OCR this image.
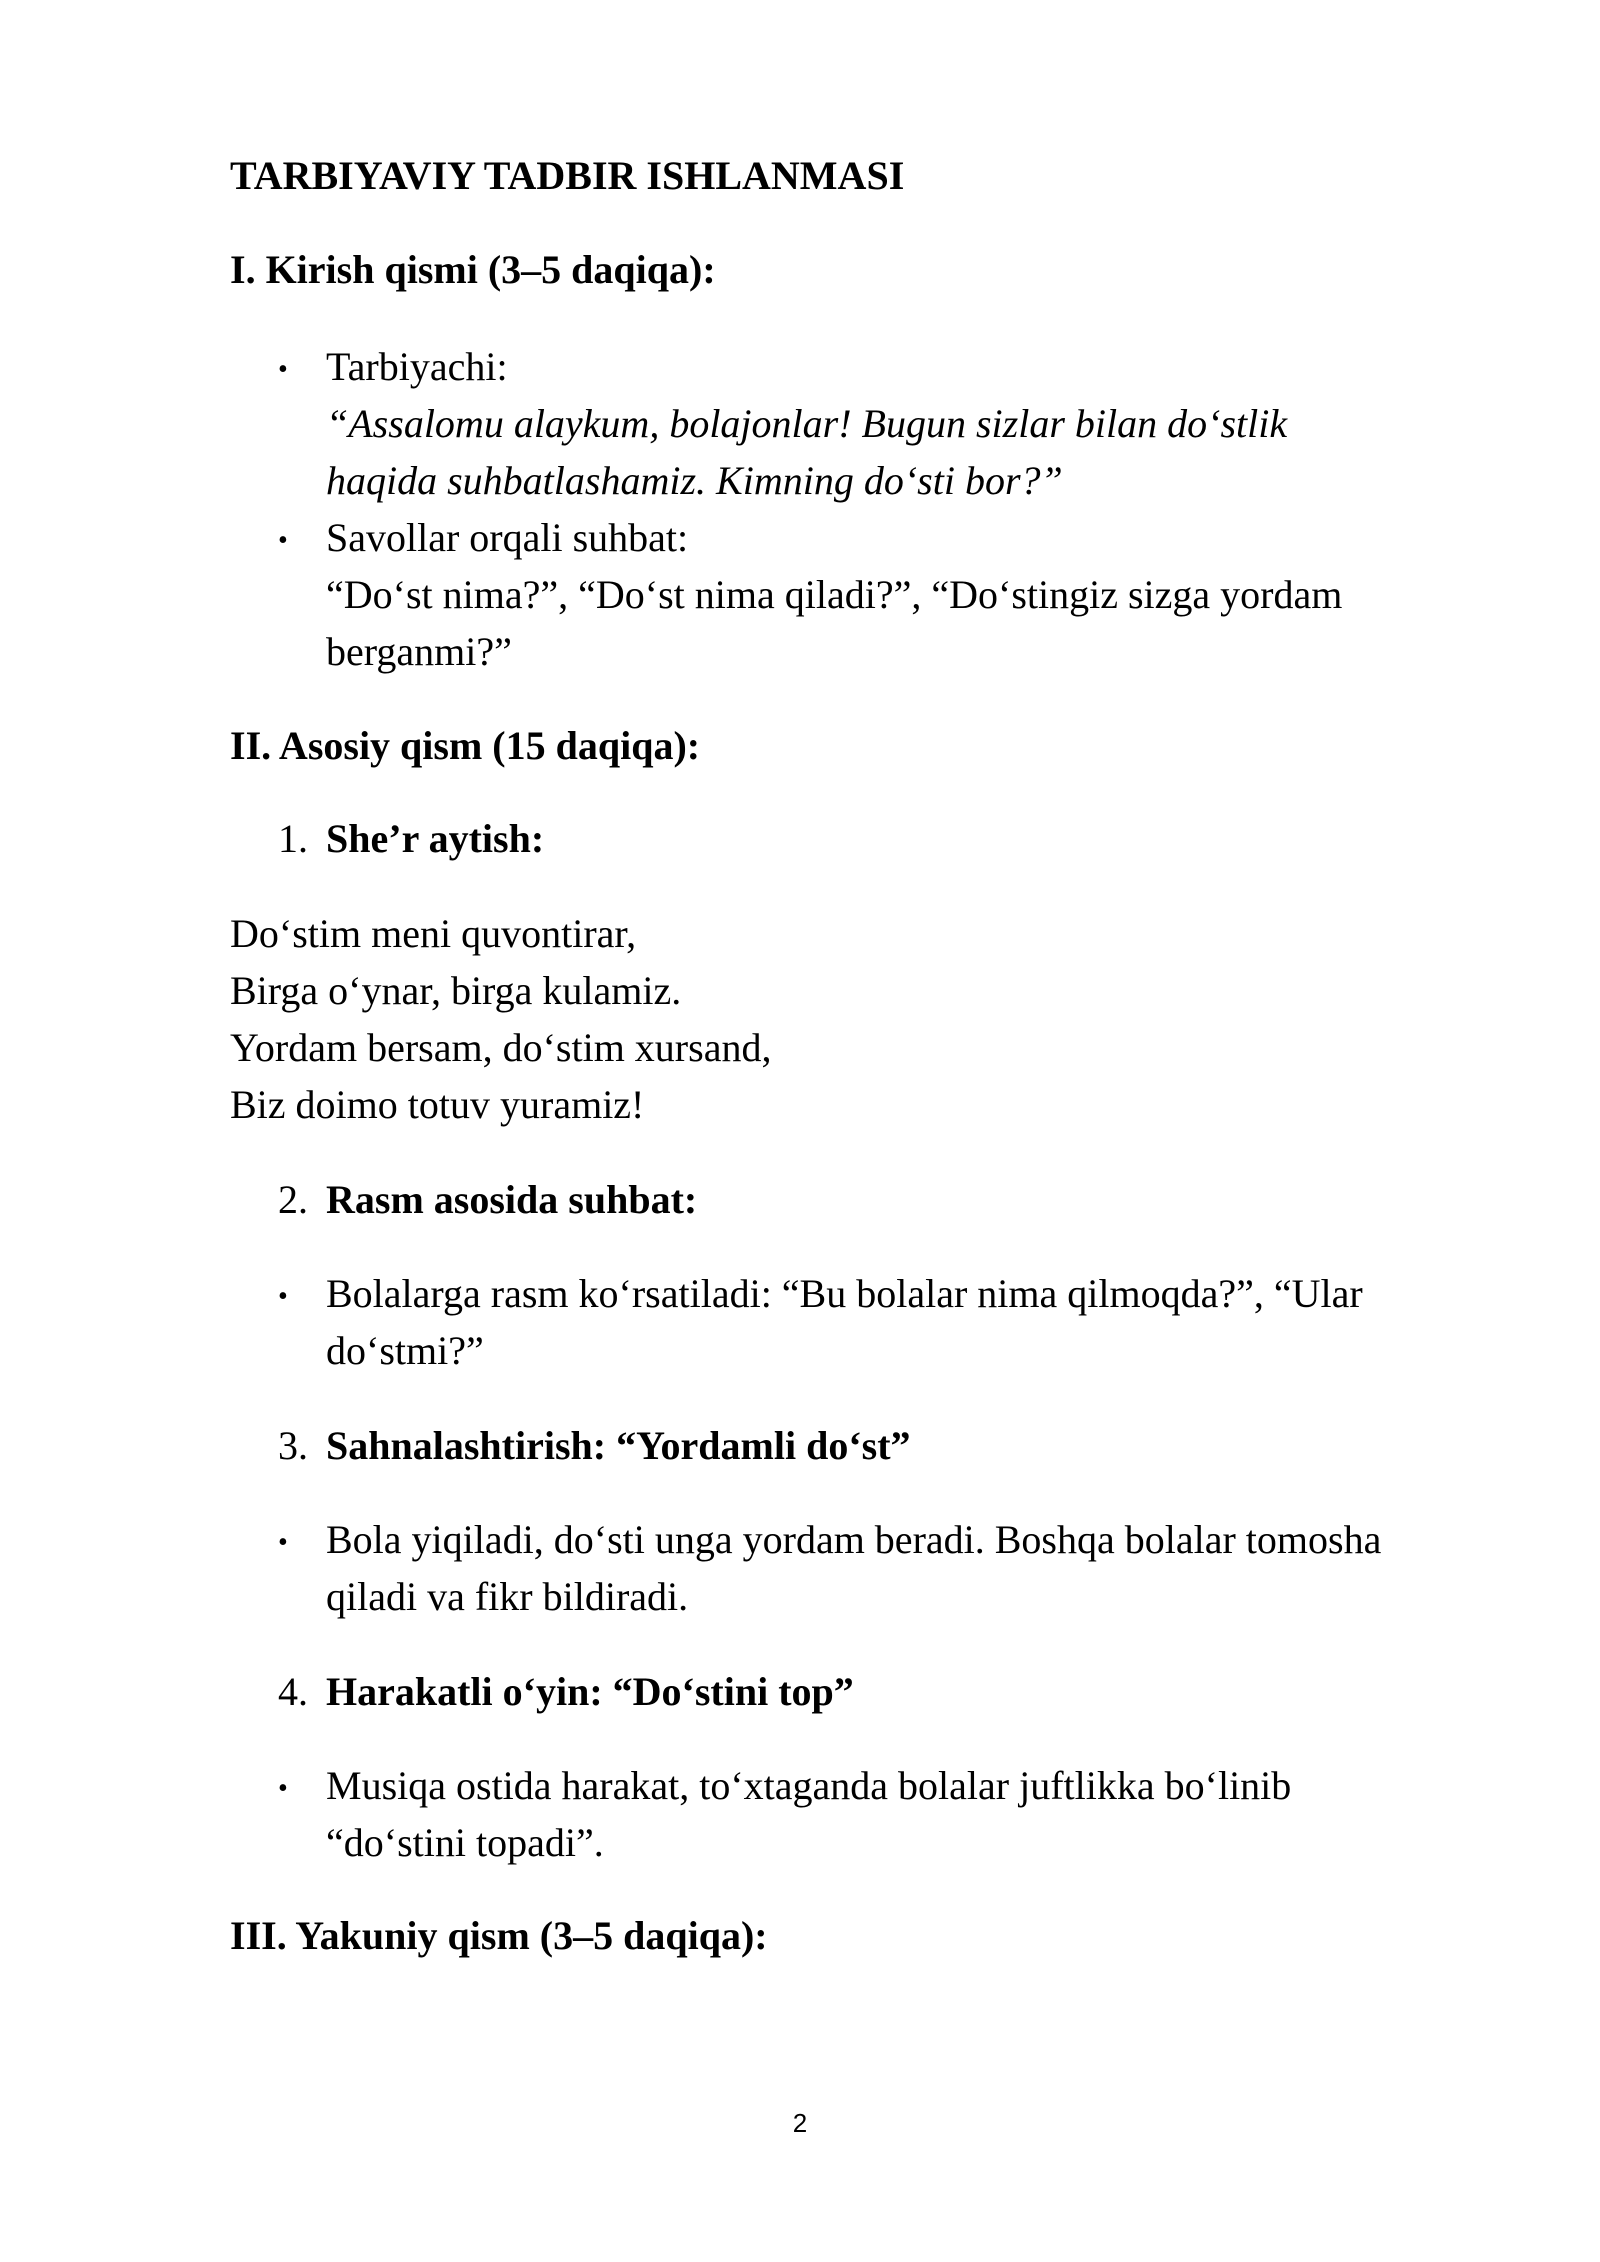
TARBIYAVIY TADBIR ISHLANMASI
I. Kirish qismi (3–5 daqiqa):
• Tarbiyachi:
“Assalomu alaykum, bolajonlar! Bugun sizlar bilan do‘stlik
haqida suhbatlashamiz. Kimning do‘sti bor?”
• Savollar orqali suhbat:
“Do‘st nima?”, “Do‘st nima qiladi?”, “Do‘stingiz sizga yordam
berganmi?”
II. Asosiy qism (15 daqiqa):
1. She’r aytish:
Do‘stim meni quvontirar,
Birga o‘ynar, birga kulamiz.
Yordam bersam, do‘stim xursand,
Biz doimo totuv yuramiz!
2. Rasm asosida suhbat:
• Bolalarga rasm ko‘rsatiladi: “Bu bolalar nima qilmoqda?”, “Ular
do‘stmi?”
3. Sahnalashtirish: “Yordamli do‘st”
• Bola yiqiladi, do‘sti unga yordam beradi. Boshqa bolalar tomosha
qiladi va fikr bildiradi.
4. Harakatli o‘yin: “Do‘stini top”
• Musiqa ostida harakat, to‘xtaganda bolalar juftlikka bo‘linib
“do‘stini topadi”.
III. Yakuniy qism (3–5 daqiqa):
2
